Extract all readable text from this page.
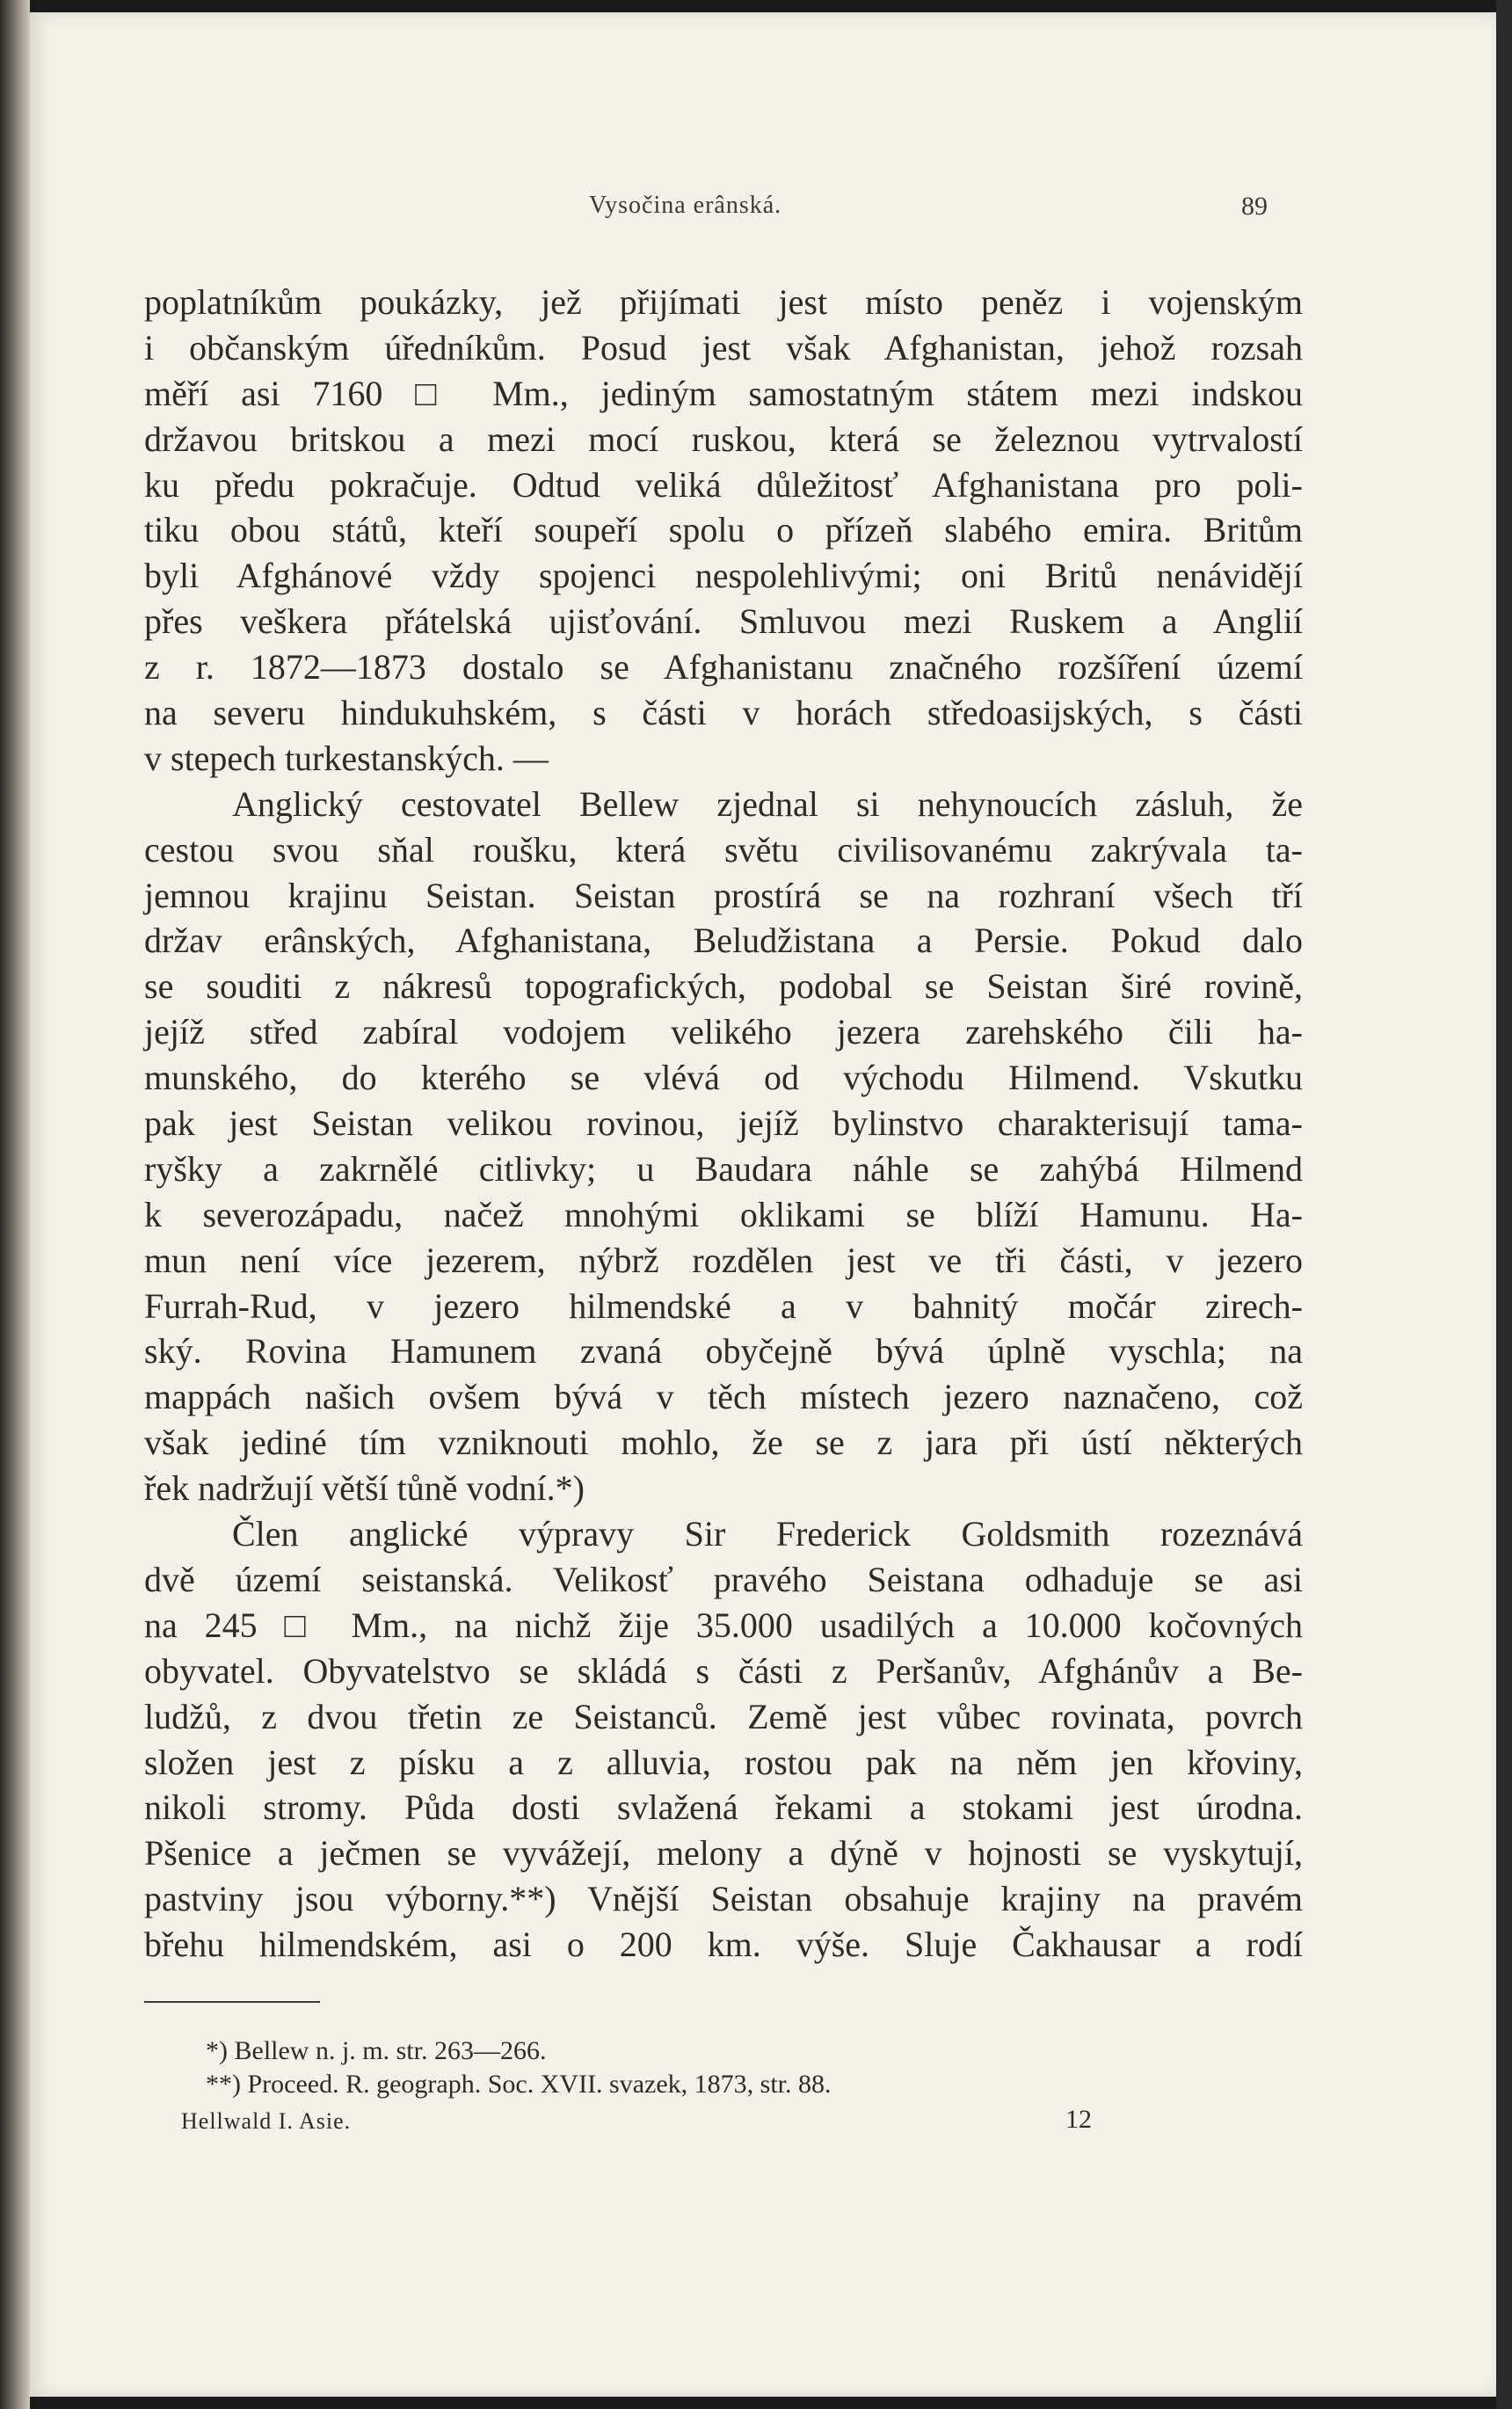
Vysočina erânská.	89
poplatníkům poukázky, jež přijímati jest místo peněz i vojenským
i občanským úředníkům. Posud jest však Afghanistan, jehož rozsah
měří asi 7160 □ Mm., jediným samostatným státem mezi indskou
državou britskou a mezi mocí ruskou, která se železnou vytrvalostí
ku předu pokračuje. Odtud veliká důležitosť Afghanistana pro poli-
tiku obou států, kteří soupeří spolu o přízeň slabého emira. Britům
byli Afghánové vždy spojenci nespolehlivými; oni Britů nenávidějí
přes veškera přátelská ujisťování. Smluvou mezi Ruskem a Anglií
z r. 1872—1873 dostalo se Afghanistanu značného rozšíření území
na severu hindukuhském, s části v horách středoasijských, s části
v stepech turkestanských. —
Anglický cestovatel Bellew zjednal si nehynoucích zásluh, že
cestou svou sňal roušku, která světu civilisovanému zakrývala ta-
jemnou krajinu Seistan. Seistan prostírá se na rozhraní všech tří
držav erânských, Afghanistana, Beludžistana a Persie. Pokud dalo
se souditi z nákresů topografických, podobal se Seistan širé rovině,
jejíž střed zabíral vodojem velikého jezera zarehského čili ha-
munského, do kterého se vlévá od východu Hilmend. Vskutku
pak jest Seistan velikou rovinou, jejíž bylinstvo charakterisují tama-
ryšky a zakrnělé citlivky; u Baudara náhle se zahýbá Hilmend
k severozápadu, načež mnohými oklikami se blíží Hamunu. Ha-
mun není více jezerem, nýbrž rozdělen jest ve tři části, v jezero
Furrah-Rud, v jezero hilmendské a v bahnitý močár zirech-
ský. Rovina Hamunem zvaná obyčejně bývá úplně vyschla; na
mappách našich ovšem bývá v těch místech jezero naznačeno, což
však jediné tím vzniknouti mohlo, že se z jara při ústí některých
řek nadržují větší tůně vodní.*)
Člen anglické výpravy Sir Frederick Goldsmith rozeznává
dvě území seistanská. Velikosť pravého Seistana odhaduje se asi
na 245 □ Mm., na nichž žije 35.000 usadilých a 10.000 kočovných
obyvatel. Obyvatelstvo se skládá s části z Peršanův, Afghánův a Be-
ludžů, z dvou třetin ze Seistanců. Země jest vůbec rovinata, povrch
složen jest z písku a z alluvia, rostou pak na něm jen křoviny,
nikoli stromy. Půda dosti svlažená řekami a stokami jest úrodna.
Pšenice a ječmen se vyvážejí, melony a dýně v hojnosti se vyskytují,
pastviny jsou výborny.**) Vnější Seistan obsahuje krajiny na pravém
břehu hilmendském, asi o 200 km. výše. Sluje Čakhausar a rodí
*) Bellew n. j. m. str. 263—266.
**) Proceed. R. geograph. Soc. XVII. svazek, 1873, str. 88.
Hellwald I. Asie.	12
